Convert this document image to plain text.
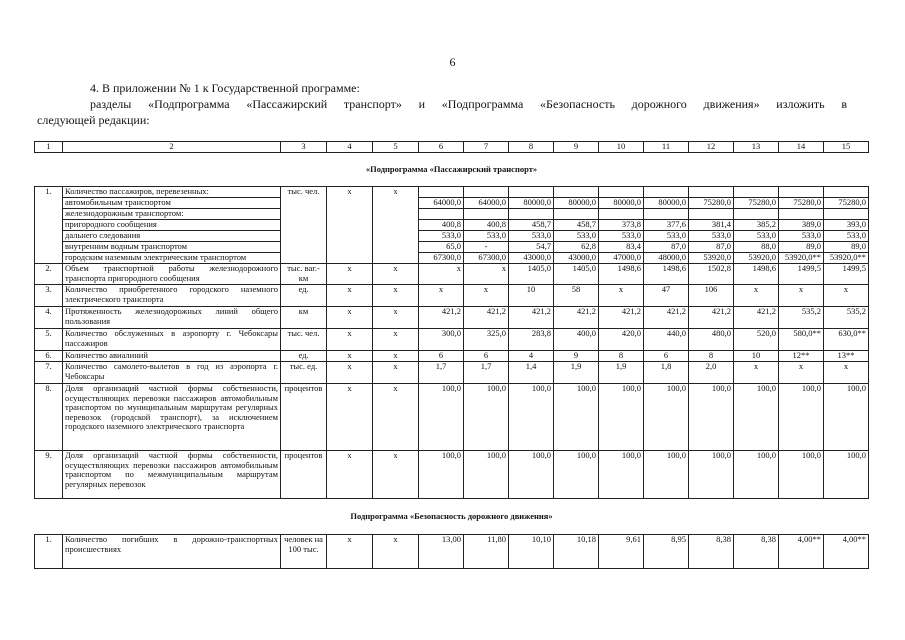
6

4. В приложении № 1 к Государственной программе:

разделы «Подпрограмма «Пассажирский транспорт» и «Подпрограмма «Безопасность дорожного движения» изложить в

следующей редакции:

1	2	3	4	5	6	7	8	9	10	11	12	13	14	15
«Подпрограмма «Пассажирский транспорт»														
1.	Количество пассажиров, перевезенных:	тыс. чел.	x	x										
	автомобильным транспортом				64000,0	64000,0	80000,0	80000,0	80000,0	80000,0	75280,0	75280,0	75280,0	75280,0
	железнодорожным транспортом:													
	пригородного сообщения				400,8	400,8	458,7	458,7	373,8	377,6	381,4	385,2	389,0	393,0
	дальнего следования				533,0	533,0	533,0	533,0	533,0	533,0	533,0	533,0	533,0	533,0
	внутренним водным транспортом				65,0	-	54,7	62,8	83,4	87,0	87,0	88,0	89,0	89,0
	городским наземным электрическим транспортом				67300,0	67300,0	43000,0	43000,0	47000,0	48000,0	53920,0	53920,0	53920,0**	53920,0**
2.	Объем транспортной работы железнодорожного транспорта пригородного сообщения	тыс. ваг.-км	x	x	x	x	1405,0	1405,0	1498,6	1498,6	1502,8	1498,6	1499,5	1499,5
3.	Количество приобретенного городского наземного электрического транспорта	ед.	x	x	x	x	10	58	x	47	106	x	x	x
4.	Протяженность железнодорожных линий общего пользования	км	x	x	421,2	421,2	421,2	421,2	421,2	421,2	421,2	421,2	535,2	535,2
5.	Количество обслуженных в аэропорту г. Чебоксары пассажиров	тыс. чел.	x	x	300,0	325,0	283,8	400,0	420,0	440,0	480,0	520,0	580,0**	630,0**
6.	Количество авиалиний	ед.	x	x	6	6	4	9	8	6	8	10	12**	13**
7.	Количество самолето-вылетов в год из аэропорта г. Чебоксары	тыс. ед.	x	x	1,7	1,7	1,4	1,9	1,9	1,8	2,0	x	x	x
8.	Доля организаций частной формы собственности, осуществляющих перевозки пассажиров автомобильным транспортом по муниципальным маршрутам регулярных перевозок (городской транспорт), за исключением городского наземного электрического транспорта	процентов	x	x	100,0	100,0	100,0	100,0	100,0	100,0	100,0	100,0	100,0	100,0
9.	Доля организаций частной формы собственности, осуществляющих перевозки пассажиров автомобильным транспортом по межмуниципальным маршрутам регулярных перевозок	процентов	x	x	100,0	100,0	100,0	100,0	100,0	100,0	100,0	100,0	100,0	100,0
Подпрограмма «Безопасность дорожного движения»														
1.	Количество погибших в дорожно-транспортных происшествиях	человек на 100 тыс.	x	x	13,00	11,80	10,10	10,18	9,61	8,95	8,38	8,38	4,00**	4,00**
